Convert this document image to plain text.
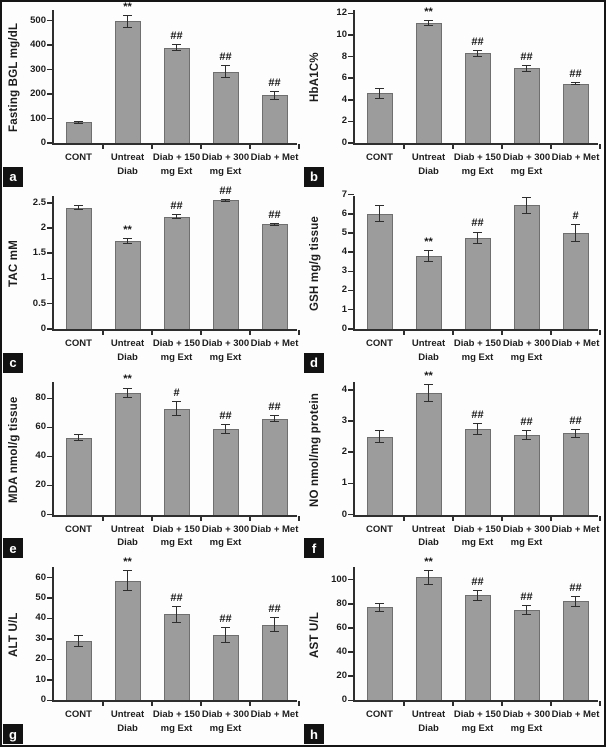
Fasting BGL mg/dL
0
100
200
300
400
500
CONT
**
Untreat
Diab
##
Diab + 150
mg Ext
##
Diab + 300
mg Ext
##
Diab + Met
a
HbA1C%
0
2
4
6
8
10
12
CONT
**
Untreat Diab
##
Diab + 150
mg Ext
##
Diab + 300
mg Ext
##
Diab + Met
b
TAC mM
0
0.5
1
1.5
2
2.5
CONT
**
Untreat
Diab
##
Diab + 150
mg Ext
##
Diab + 300
mg Ext
##
Diab + Met
c
GSH mg/g tissue
0
1
2
3
4
5
6
7
CONT
**
Untreat Diab
##
Diab + 150
mg Ext
Diab + 300
mg Ext
#
Diab + Met
d
MDA nmol/g tissue
0
20
40
60
80
CONT
**
Untreat
Diab
#
Diab + 150
mg Ext
##
Diab + 300
mg Ext
##
Diab + Met
e
NO nmol/mg protein
0
1
2
3
4
CONT
**
Untreat
Diab
##
Diab + 150
mg Ext
##
Diab + 300
mg Ext
##
Diab + Met
f
ALT U/L
0
10
20
30
40
50
60
CONT
**
Untreat Diab
##
Diab + 150
mg Ext
##
Diab + 300
mg Ext
##
Diab + Met
g
AST U/L
0
20
40
60
80
100
CONT
**
Untreat Diab
##
Diab + 150
mg Ext
##
Diab + 300
mg Ext
##
Diab + Met
h
